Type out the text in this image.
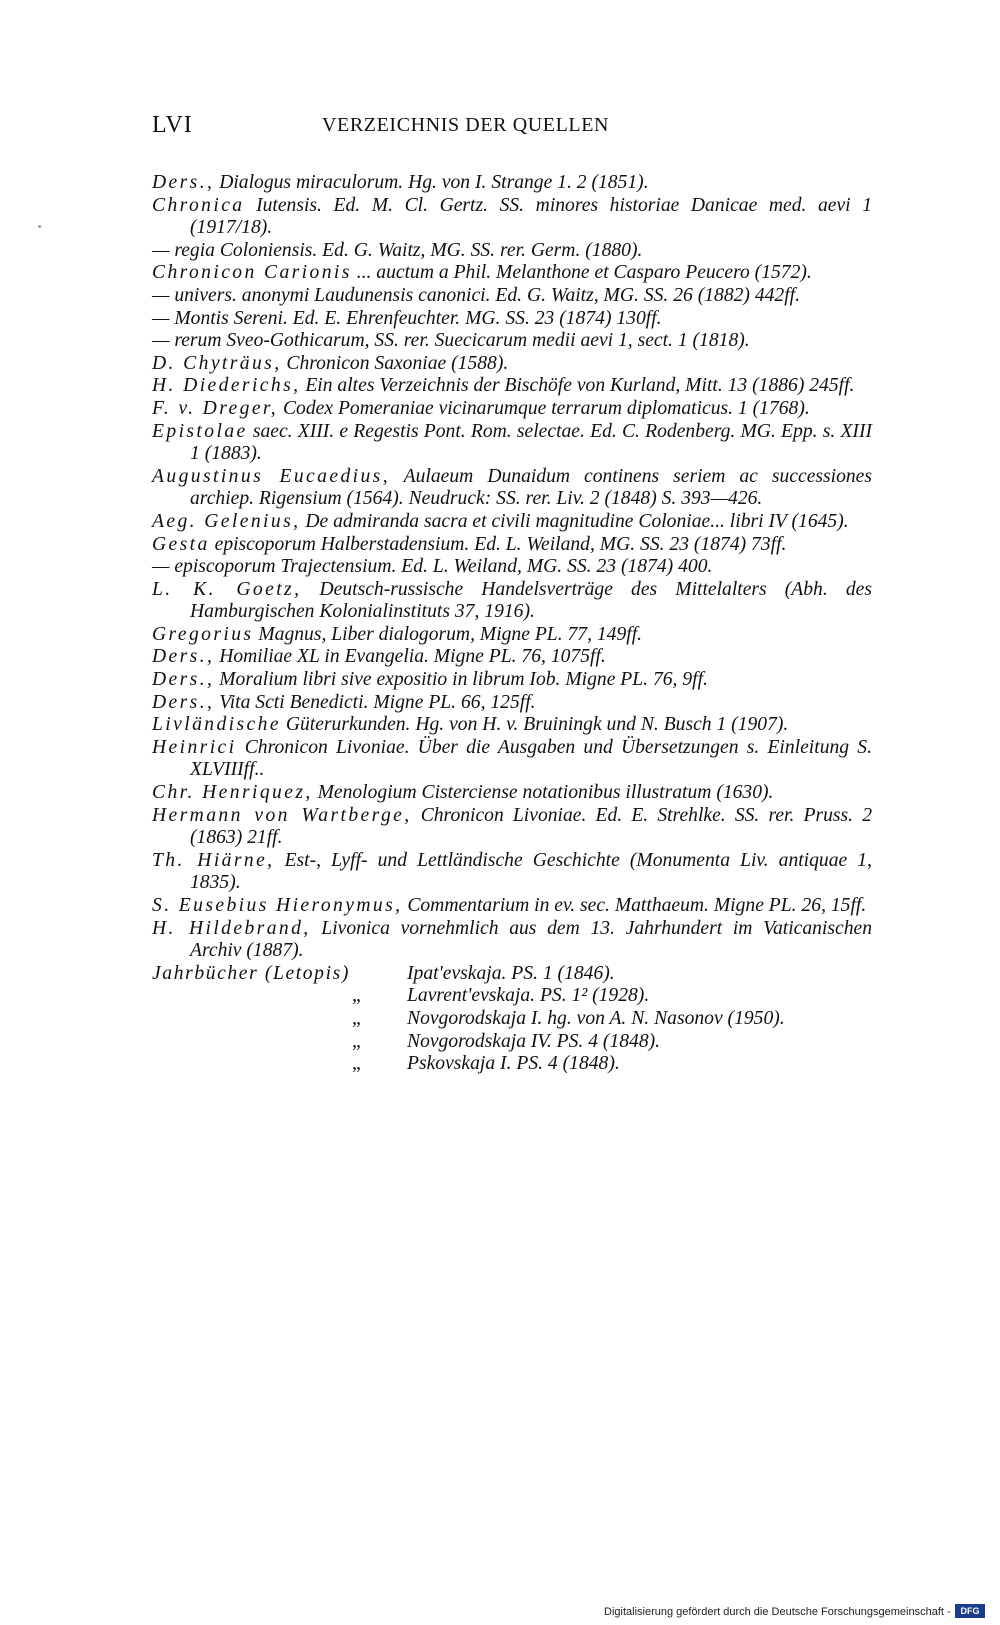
LVI	VERZEICHNIS DER QUELLEN

Ders., Dialogus miraculorum. Hg. von I. Strange 1. 2 (1851).

Chronica Iutensis. Ed. M. Cl. Gertz. SS. minores historiae Danicae med. aevi 1 (1917/18).

— regia Coloniensis. Ed. G. Waitz, MG. SS. rer. Germ. (1880).

Chronicon Carionis ... auctum a Phil. Melanthone et Casparo Peucero (1572).

— univers. anonymi Laudunensis canonici. Ed. G. Waitz, MG. SS. 26 (1882) 442ff.

— Montis Sereni. Ed. E. Ehrenfeuchter. MG. SS. 23 (1874) 130ff.

— rerum Sveo-Gothicarum, SS. rer. Suecicarum medii aevi 1, sect. 1 (1818).

D. Chyträus, Chronicon Saxoniae (1588).

H. Diederichs, Ein altes Verzeichnis der Bischöfe von Kurland, Mitt. 13 (1886) 245ff.

F. v. Dreger, Codex Pomeraniae vicinarumque terrarum diplomaticus. 1 (1768).

Epistolae saec. XIII. e Regestis Pont. Rom. selectae. Ed. C. Rodenberg. MG. Epp. s. XIII 1 (1883).

Augustinus Eucaedius, Aulaeum Dunaidum continens seriem ac successiones archiep. Rigensium (1564). Neudruck: SS. rer. Liv. 2 (1848) S. 393—426.

Aeg. Gelenius, De admiranda sacra et civili magnitudine Coloniae... libri IV (1645).

Gesta episcoporum Halberstadensium. Ed. L. Weiland, MG. SS. 23 (1874) 73ff.

— episcoporum Trajectensium. Ed. L. Weiland, MG. SS. 23 (1874) 400.

L. K. Goetz, Deutsch-russische Handelsverträge des Mittelalters (Abh. des Hamburgischen Kolonialinstituts 37, 1916).

Gregorius Magnus, Liber dialogorum, Migne PL. 77, 149ff.

Ders., Homiliae XL in Evangelia. Migne PL. 76, 1075ff.

Ders., Moralium libri sive expositio in librum Iob. Migne PL. 76, 9ff.

Ders., Vita Scti Benedicti. Migne PL. 66, 125ff.

Livländische Güterurkunden. Hg. von H. v. Bruiningk und N. Busch 1 (1907).

Heinrici Chronicon Livoniae. Über die Ausgaben und Übersetzungen s. Einleitung S. XLVIIIff..

Chr. Henriquez, Menologium Cisterciense notationibus illustratum (1630).

Hermann von Wartberge, Chronicon Livoniae. Ed. E. Strehlke. SS. rer. Pruss. 2 (1863) 21ff.

Th. Hiärne, Est-, Lyff- und Lettländische Geschichte (Monumenta Liv. antiquae 1, 1835).

S. Eusebius Hieronymus, Commentarium in ev. sec. Matthaeum. Migne PL. 26, 15ff.

H. Hildebrand, Livonica vornehmlich aus dem 13. Jahrhundert im Vaticanischen Archiv (1887).

Jahrbücher (Letopis)	Ipat'evskaja. PS. 1 (1846).
„	Lavrent'evskaja. PS. 1² (1928).
„	Novgorodskaja I. hg. von A. N. Nasonov (1950).
„	Novgorodskaja IV. PS. 4 (1848).
„	Pskovskaja I. PS. 4 (1848).
Digitalisierung gefördert durch die Deutsche Forschungsgemeinschaft -	DFG
